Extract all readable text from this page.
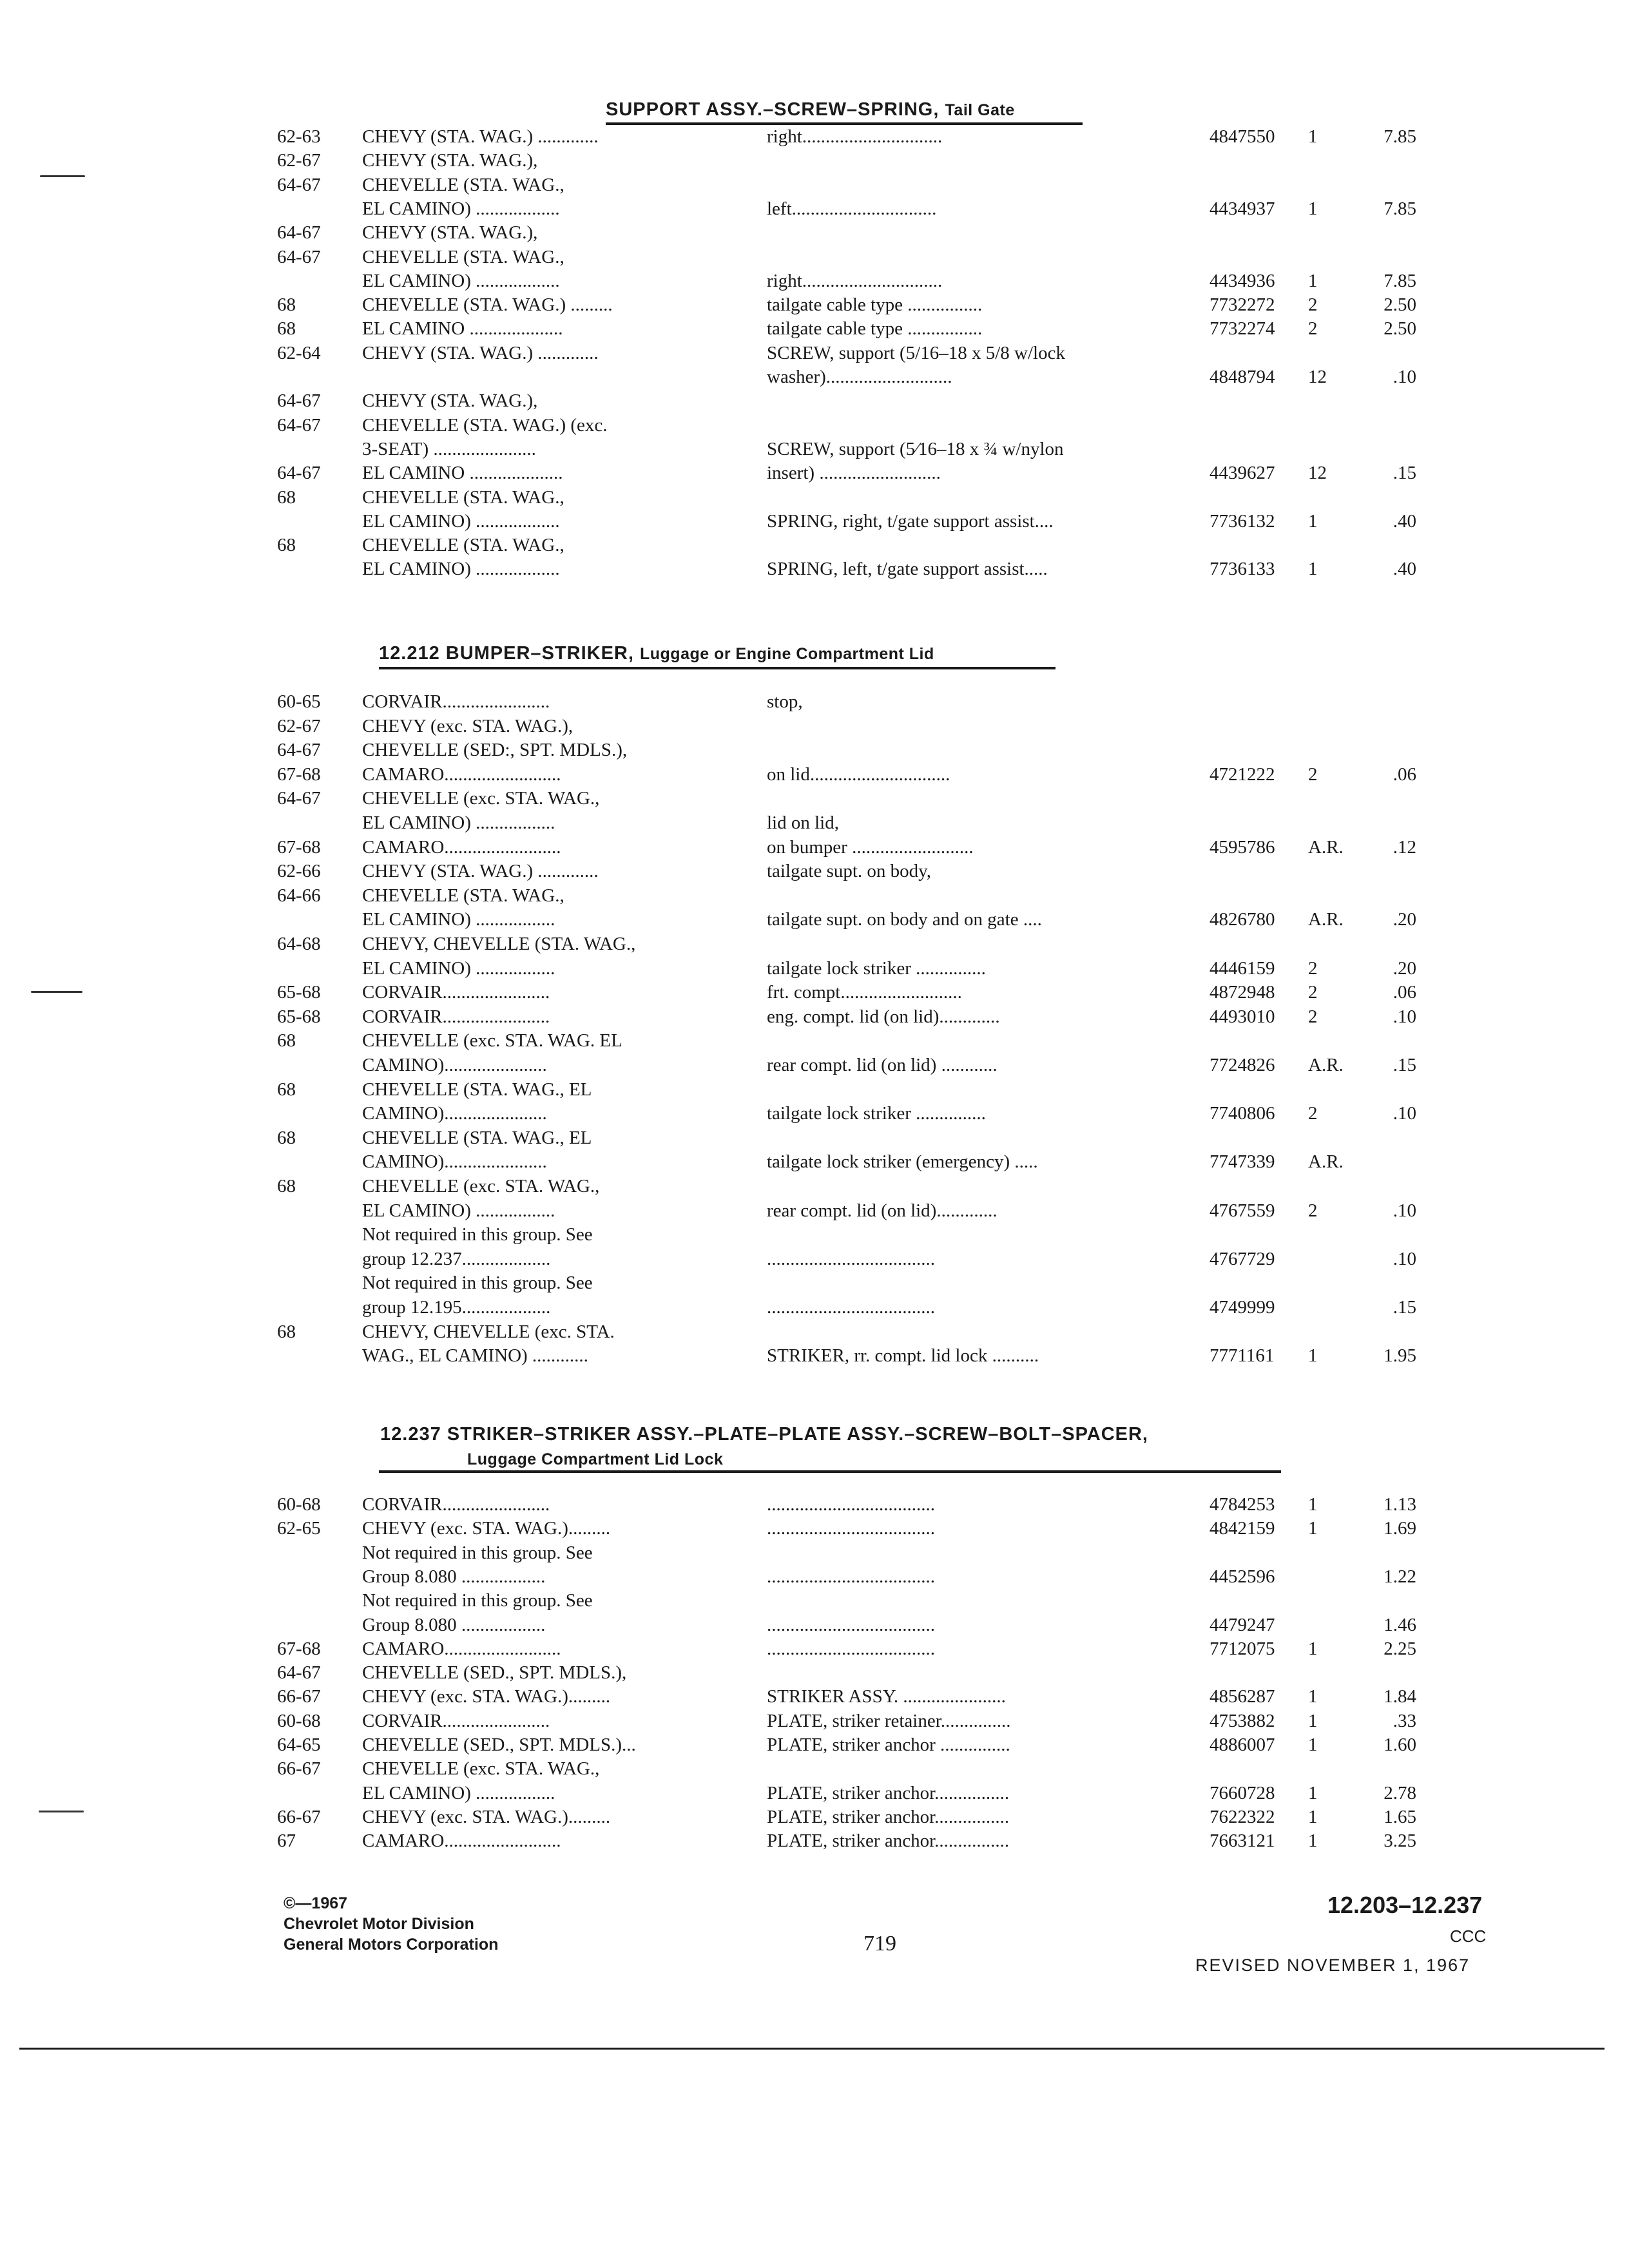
SUPPORT ASSY.–SCREW–SPRING, Tail Gate
62-63 CHEVY (STA. WAG.) .............	right..............................	4847550 1	7.85
62-67 CHEVY (STA. WAG.),
64-67 CHEVELLE (STA. WAG.,
EL CAMINO) ..................	left...............................	4434937 1	7.85
64-67 CHEVY (STA. WAG.),
64-67 CHEVELLE (STA. WAG.,
EL CAMINO) ..................	right..............................	4434936 1	7.85
68	CHEVELLE (STA. WAG.) .........	tailgate cable type ................	7732272 2	2.50
68	EL CAMINO ....................	tailgate cable type ................	7732274 2	2.50
62-64 CHEVY (STA. WAG.) .............	SCREW, support (5/16–18 x 5/8 w/lock
washer)...........................	4848794 12	.10
64-67 CHEVY (STA. WAG.),
64-67 CHEVELLE (STA. WAG.) (exc.
3-SEAT) ......................	SCREW, support (5⁄16–18 x ¾ w/nylon
64-67 EL CAMINO ....................	insert) ..........................	4439627 12	.15
68	CHEVELLE (STA. WAG.,
EL CAMINO) ..................	SPRING, right, t/gate support assist....	7736132 1	.40
68	CHEVELLE (STA. WAG.,
EL CAMINO) ..................	SPRING, left, t/gate support assist.....	7736133 1	.40
12.212 BUMPER–STRIKER, Luggage or Engine Compartment Lid
60-65 CORVAIR.......................	stop,
62-67 CHEVY (exc. STA. WAG.),
64-67 CHEVELLE (SED:, SPT. MDLS.),
67-68 CAMARO.........................	on lid..............................	4721222 2	.06
64-67 CHEVELLE (exc. STA. WAG.,
EL CAMINO) .................	lid on lid,
67-68 CAMARO.........................	on bumper ..........................	4595786 A.R.	.12
62-66 CHEVY (STA. WAG.) .............	tailgate supt. on body,
64-66 CHEVELLE (STA. WAG.,
EL CAMINO) .................	tailgate supt. on body and on gate ....	4826780 A.R.	.20
64-68 CHEVY, CHEVELLE (STA. WAG.,
EL CAMINO) .................	tailgate lock striker ...............	4446159 2	.20
65-68 CORVAIR.......................	frt. compt..........................	4872948 2	.06
65-68 CORVAIR.......................	eng. compt. lid (on lid).............	4493010 2	.10
68	CHEVELLE (exc. STA. WAG. EL
CAMINO)......................	rear compt. lid (on lid) ............	7724826 A.R.	.15
68	CHEVELLE (STA. WAG., EL
CAMINO)......................	tailgate lock striker ...............	7740806 2	.10
68	CHEVELLE (STA. WAG., EL
CAMINO)......................	tailgate lock striker (emergency) .....	7747339 A.R.
68	CHEVELLE (exc. STA. WAG.,
EL CAMINO) .................	rear compt. lid (on lid).............	4767559 2	.10
Not required in this group. See
group 12.237...................	....................................	4767729	.10
Not required in this group. See
group 12.195...................	....................................	4749999	.15
68	CHEVY, CHEVELLE (exc. STA.
WAG., EL CAMINO) ............	STRIKER, rr. compt. lid lock ..........	7771161 1	1.95
12.237 STRIKER–STRIKER ASSY.–PLATE–PLATE ASSY.–SCREW–BOLT–SPACER,
Luggage Compartment Lid Lock
60-68 CORVAIR.......................	....................................	4784253 1	1.13
62-65 CHEVY (exc. STA. WAG.).........	....................................	4842159 1	1.69
Not required in this group. See
Group 8.080 ..................	....................................	4452596	1.22
Not required in this group. See
Group 8.080 ..................	....................................	4479247	1.46
67-68 CAMARO.........................	....................................	7712075 1	2.25
64-67 CHEVELLE (SED., SPT. MDLS.),
66-67 CHEVY (exc. STA. WAG.).........	STRIKER ASSY. ......................	4856287 1	1.84
60-68 CORVAIR.......................	PLATE, striker retainer...............	4753882 1	.33
64-65 CHEVELLE (SED., SPT. MDLS.)...	PLATE, striker anchor ...............	4886007 1	1.60
66-67 CHEVELLE (exc. STA. WAG.,
EL CAMINO) .................	PLATE, striker anchor................	7660728 1	2.78
66-67 CHEVY (exc. STA. WAG.).........	PLATE, striker anchor................	7622322 1	1.65
67	CAMARO.........................	PLATE, striker anchor................	7663121 1	3.25
©—1967
Chevrolet Motor Division
General Motors Corporation	719
12.203–12.237
CCC
REVISED NOVEMBER 1, 1967
